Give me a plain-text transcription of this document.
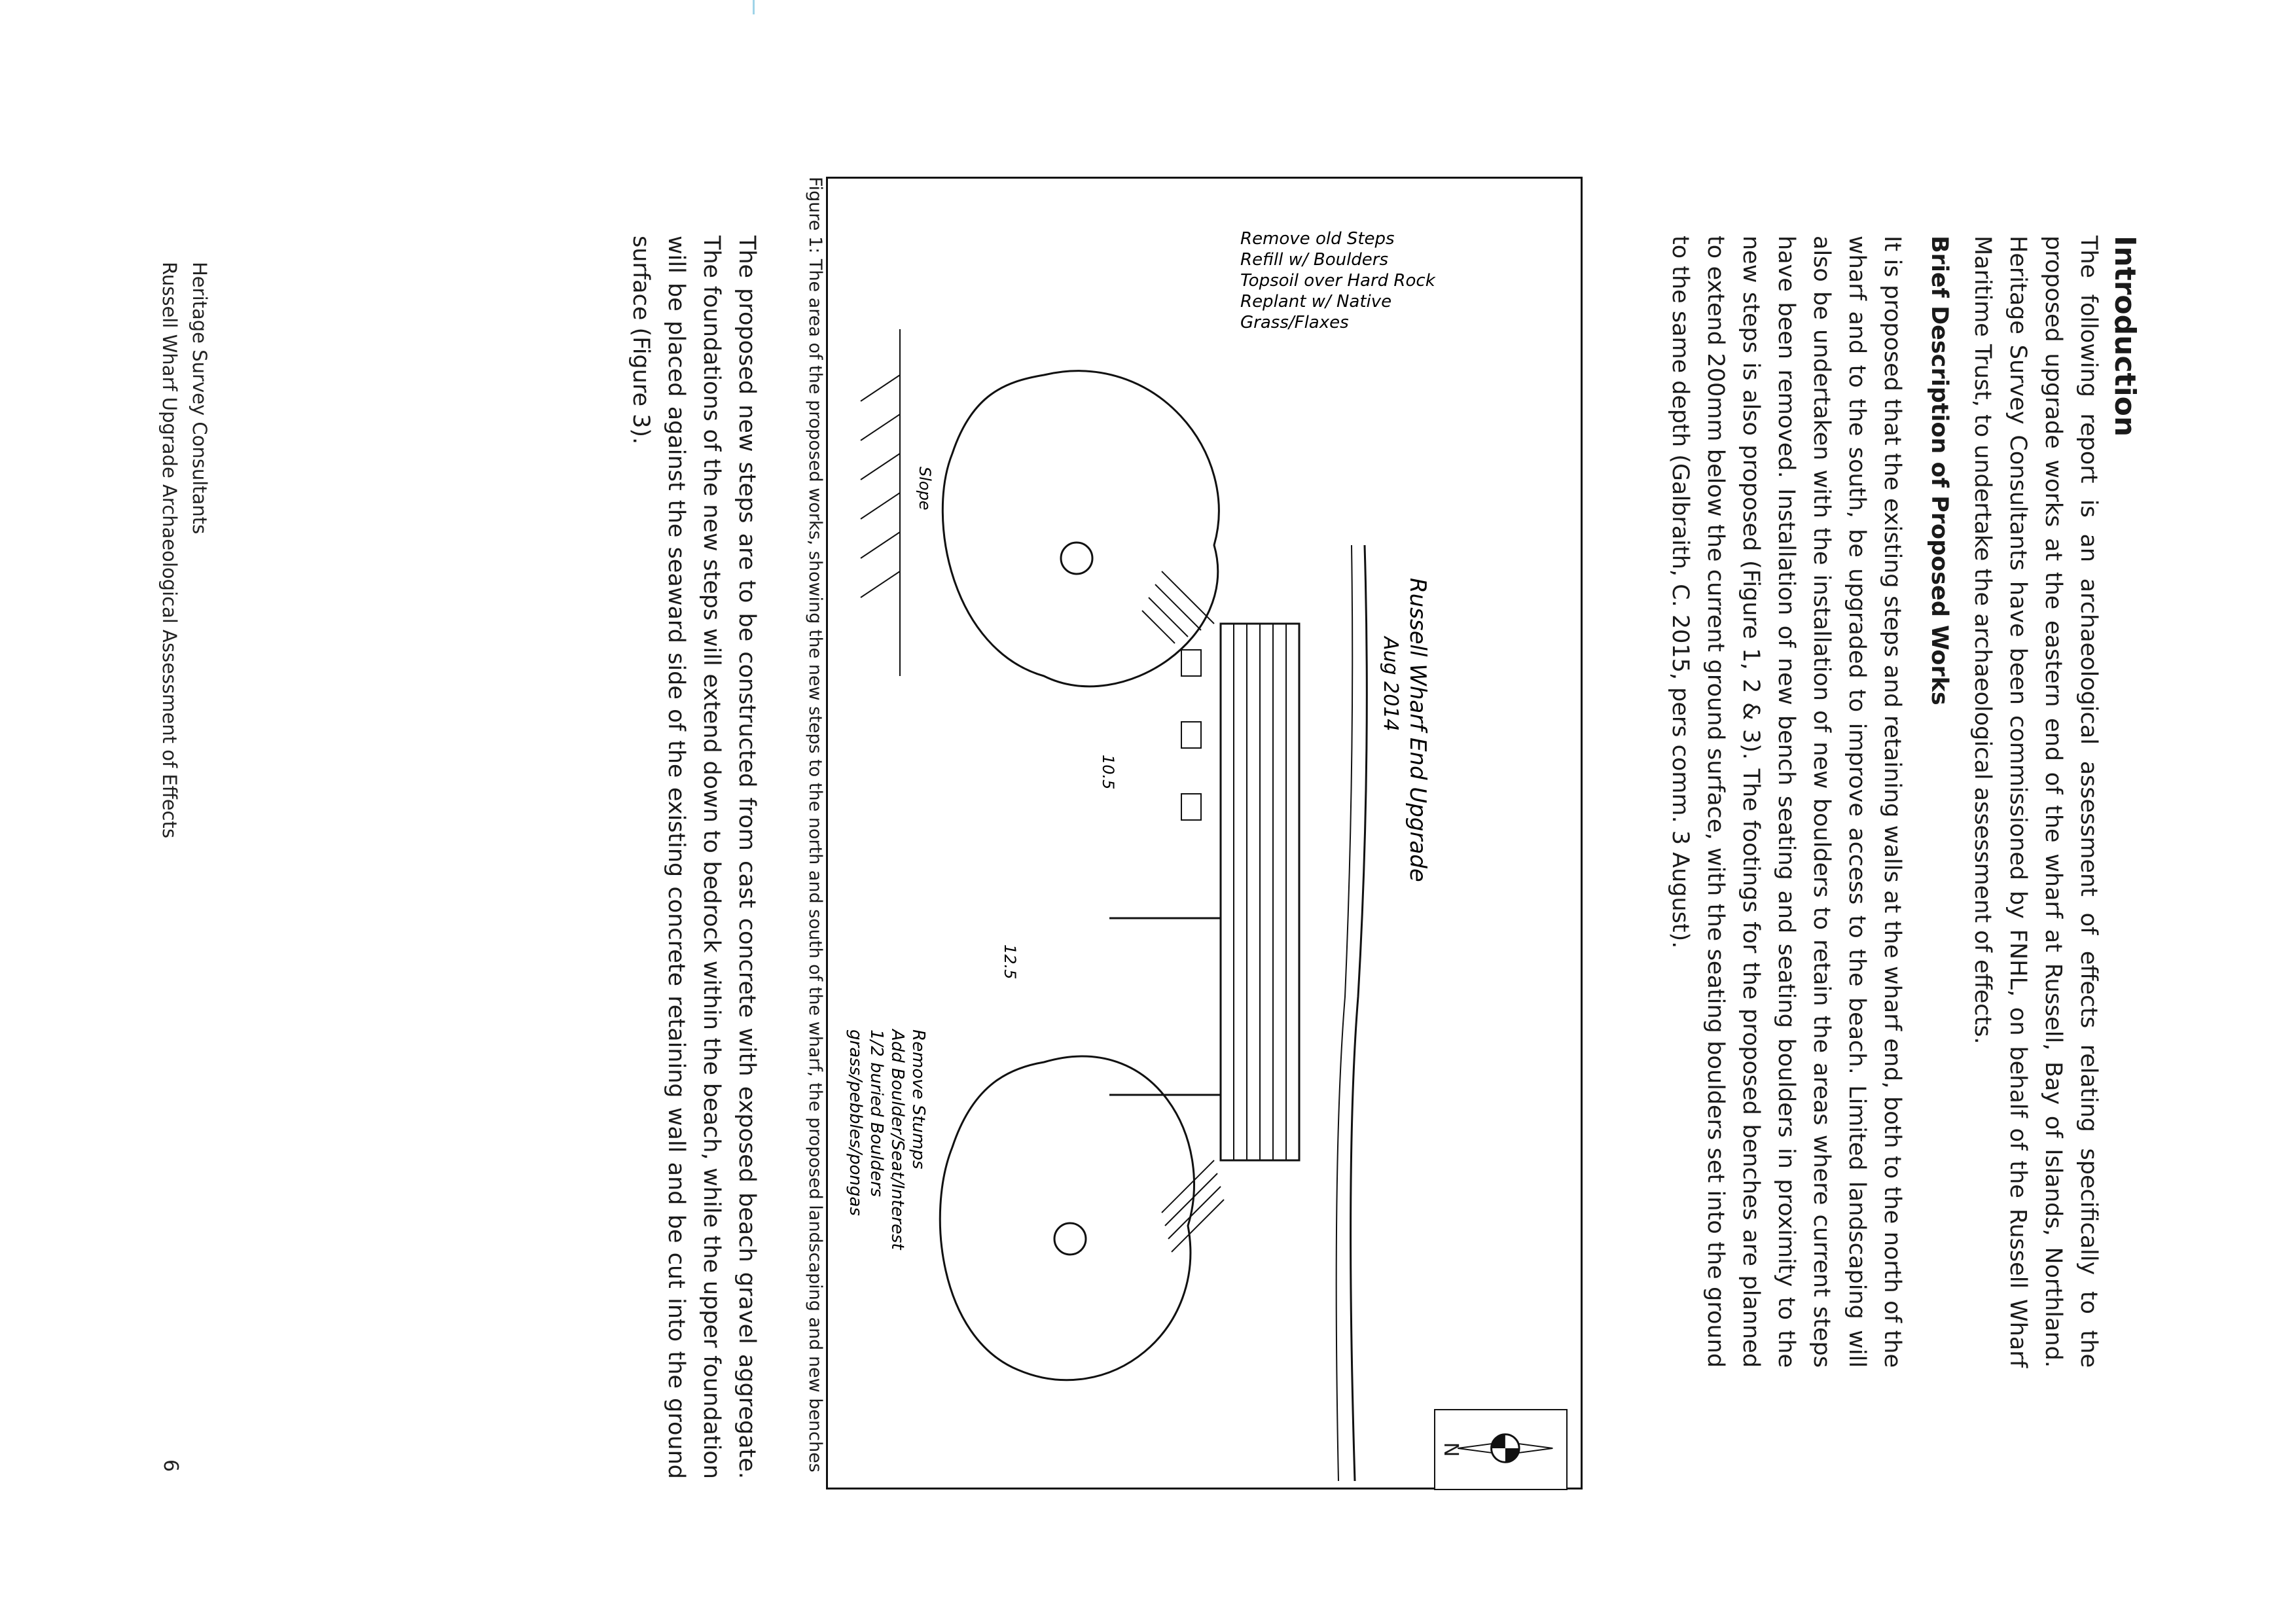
Introduction
The following report is an archaeological assessment of effects relating specifically to the proposed upgrade works at the eastern end of the wharf at Russell, Bay of Islands, Northland. Heritage Survey Consultants have been commissioned by FNHL, on behalf of the Russell Wharf Maritime Trust, to undertake the archaeological assessment of effects.
Brief Description of Proposed Works
It is proposed that the existing steps and retaining walls at the wharf end, both to the north of the wharf and to the south, be upgraded to improve access to the beach. Limited landscaping will also be undertaken with the installation of new boulders to retain the areas where current steps have been removed. Installation of new bench seating and seating boulders in proximity to the new steps is also proposed (Figure 1, 2 & 3). The footings for the proposed benches are planned to extend 200mm below the current ground surface, with the seating boulders set into the ground to the same depth (Galbraith, C. 2015, pers comm. 3 August).
Russell Wharf End Upgrade
Aug 2014
Remove old Steps
Refill w/ Boulders
Topsoil over Hard Rock
Replant w/ Native
Grass/Flaxes
Remove Stumps
Add Boulder/Seat/Interest
1/2 buried Boulders
grass/pebbles/pongas
10.5
12.5
Slope
N
Figure 1: The area of the proposed works, showing the new steps to the north and south of the wharf, the proposed landscaping and new benches
The proposed new steps are to be constructed from cast concrete with exposed beach gravel aggregate. The foundations of the new steps will extend down to bedrock within the beach, while the upper foundation will be placed against the seaward side of the existing concrete retaining wall and be cut into the ground surface (Figure 3).
Heritage Survey Consultants
Russell Wharf Upgrade Archaeological Assessment of Effects
6
